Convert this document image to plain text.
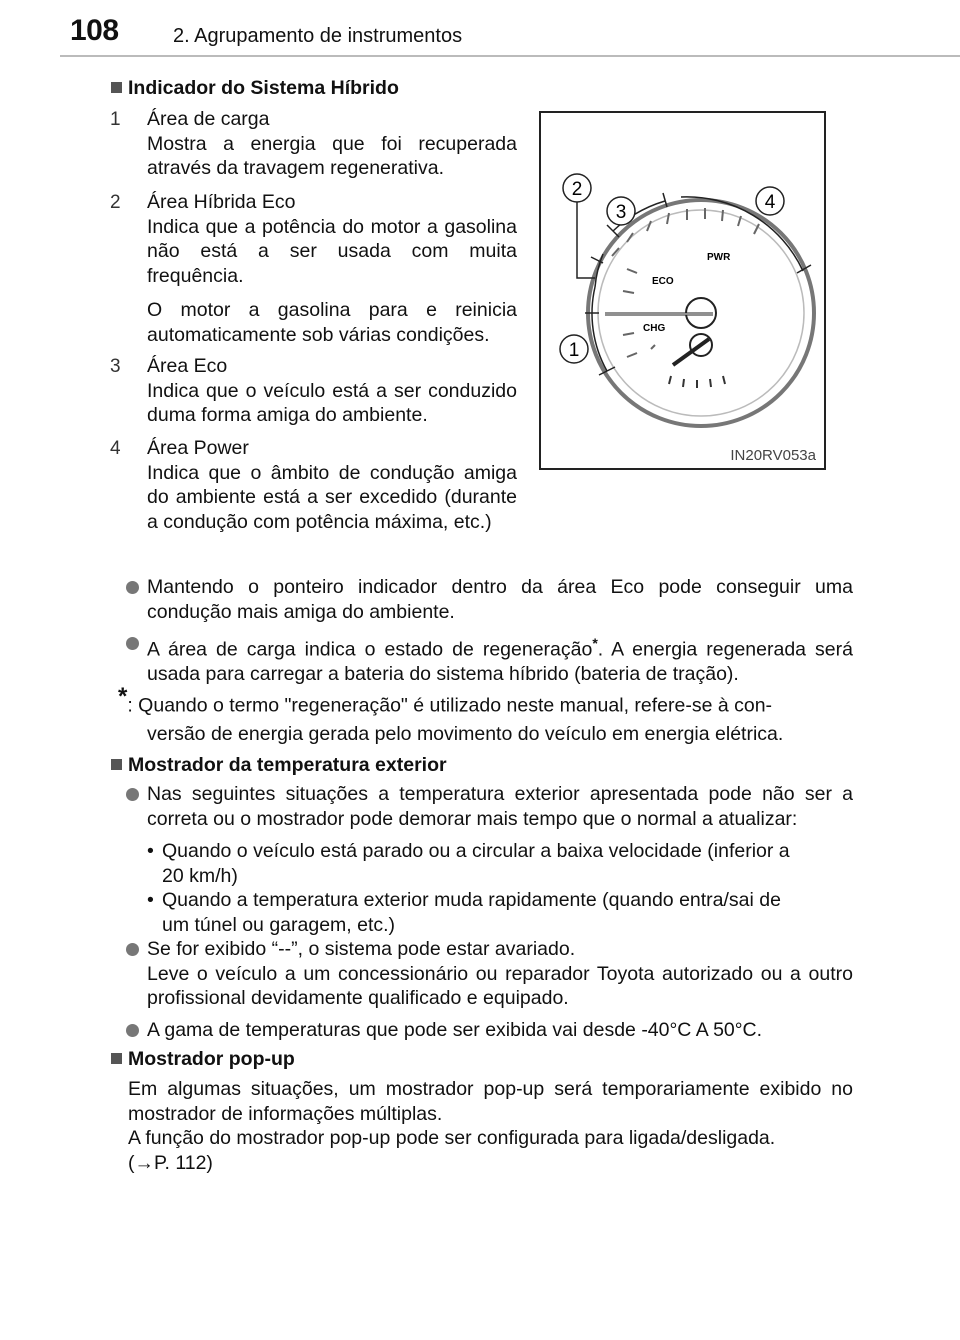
108	2. Agrupamento de instrumentos
Indicador do Sistema Híbrido
1 Área de carga

Mostra a energia que foi recuperada através da travagem regenerativa.

2 Área Híbrida Eco

Indica que a potência do motor a gasolina não está a ser usada com muita frequência.

O motor a gasolina para e reinicia automaticamente sob várias condições.

3 Área Eco

Indica que o veículo está a ser conduzido duma forma amiga do ambiente.

4 Área Power

Indica que o âmbito de condução amiga do ambiente está a ser excedido (durante a condução com potência máxima, etc.)

PWR
ECO
CHG
2
3	4
1
IN20RV053a
Mantendo o ponteiro indicador dentro da área Eco pode conseguir uma condução mais amiga do ambiente.
A área de carga indica o estado de regeneração*. A energia regenerada será usada para carregar a bateria do sistema híbrido (bateria de tração).
*: Quando o termo "regeneração" é utilizado neste manual, refere-se à con-
versão de energia gerada pelo movimento do veículo em energia elétrica.
Mostrador da temperatura exterior
Nas seguintes situações a temperatura exterior apresentada pode não ser a correta ou o mostrador pode demorar mais tempo que o normal a atualizar:
• Quando o veículo está parado ou a circular a baixa velocidade (inferior a
20 km/h)
• Quando a temperatura exterior muda rapidamente (quando entra/sai de
um túnel ou garagem, etc.)
Se for exibido “--”, o sistema pode estar avariado.
Leve o veículo a um concessionário ou reparador Toyota autorizado ou a outro profissional devidamente qualificado e equipado.
A gama de temperaturas que pode ser exibida vai desde -40°C A 50°C.
Mostrador pop-up
Em algumas situações, um mostrador pop-up será temporariamente exibido no mostrador de informações múltiplas.
A função do mostrador pop-up pode ser configurada para ligada/desligada.
(→P. 112)
